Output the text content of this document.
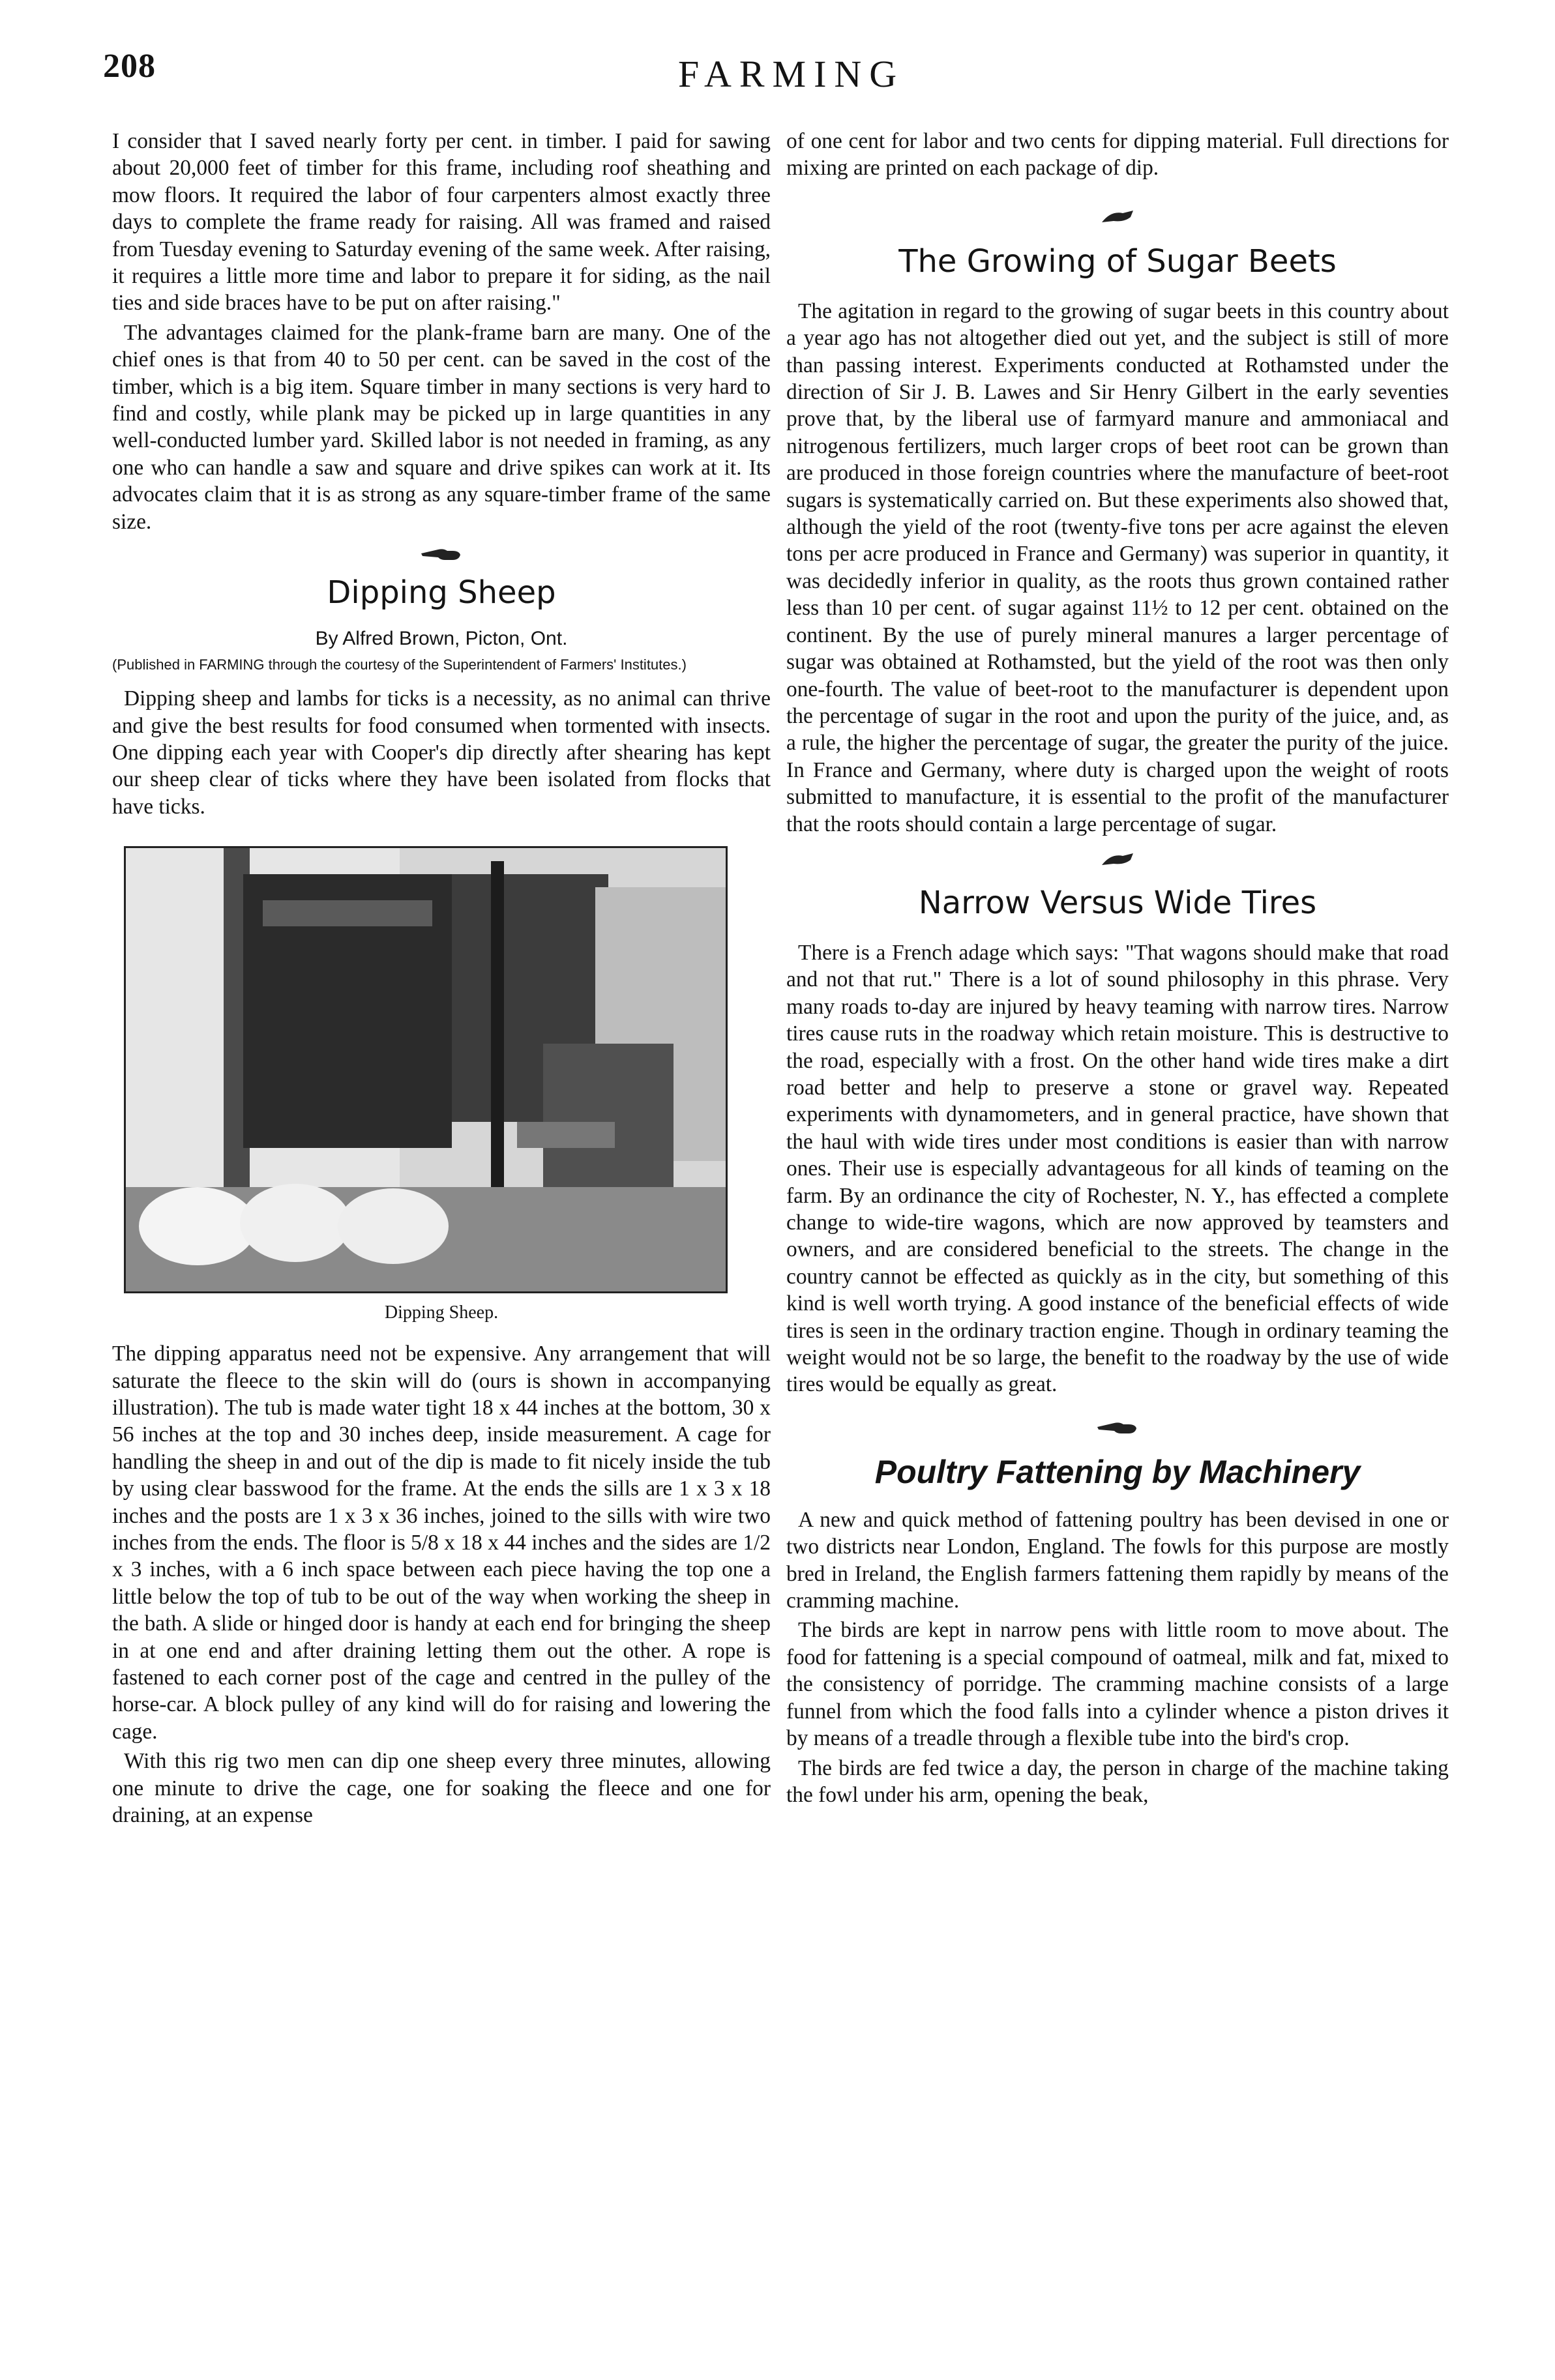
208	FARMING

I consider that I saved nearly forty per cent. in timber. I paid for sawing about 20,000 feet of timber for this frame, including roof sheathing and mow floors. It required the labor of four carpenters almost exactly three days to complete the frame ready for raising. All was framed and raised from Tuesday evening to Saturday evening of the same week. After raising, it requires a little more time and labor to prepare it for siding, as the nail ties and side braces have to be put on after raising."

The advantages claimed for the plank-frame barn are many. One of the chief ones is that from 40 to 50 per cent. can be saved in the cost of the timber, which is a big item. Square timber in many sections is very hard to find and costly, while plank may be picked up in large quantities in any well-conducted lumber yard. Skilled labor is not needed in framing, as any one who can handle a saw and square and drive spikes can work at it. Its advocates claim that it is as strong as any square-timber frame of the same size.

Dipping Sheep

By Alfred Brown, Picton, Ont.

(Published in FARMING through the courtesy of the Superintendent of Farmers' Institutes.)

Dipping sheep and lambs for ticks is a necessity, as no animal can thrive and give the best results for food consumed when tormented with insects. One dipping each year with Cooper's dip directly after shearing has kept our sheep clear of ticks where they have been isolated from flocks that have ticks.

Dipping Sheep.

The dipping apparatus need not be expensive. Any arrangement that will saturate the fleece to the skin will do (ours is shown in accompanying illustration). The tub is made water tight 18 x 44 inches at the bottom, 30 x 56 inches at the top and 30 inches deep, inside measurement. A cage for handling the sheep in and out of the dip is made to fit nicely inside the tub by using clear basswood for the frame. At the ends the sills are 1 x 3 x 18 inches and the posts are 1 x 3 x 36 inches, joined to the sills with wire two inches from the ends. The floor is 5/8 x 18 x 44 inches and the sides are 1/2 x 3 inches, with a 6 inch space between each piece having the top one a little below the top of tub to be out of the way when working the sheep in the bath. A slide or hinged door is handy at each end for bringing the sheep in at one end and after draining letting them out the other. A rope is fastened to each corner post of the cage and centred in the pulley of the horse-car. A block pulley of any kind will do for raising and lowering the cage.

With this rig two men can dip one sheep every three minutes, allowing one minute to drive the cage, one for soaking the fleece and one for draining, at an expense

of one cent for labor and two cents for dipping material. Full directions for mixing are printed on each package of dip.

The Growing of Sugar Beets

The agitation in regard to the growing of sugar beets in this country about a year ago has not altogether died out yet, and the subject is still of more than passing interest. Experiments conducted at Rothamsted under the direction of Sir J. B. Lawes and Sir Henry Gilbert in the early seventies prove that, by the liberal use of farmyard manure and ammoniacal and nitrogenous fertilizers, much larger crops of beet root can be grown than are produced in those foreign countries where the manufacture of beet-root sugars is systematically carried on. But these experiments also showed that, although the yield of the root (twenty-five tons per acre against the eleven tons per acre produced in France and Germany) was superior in quantity, it was decidedly inferior in quality, as the roots thus grown contained rather less than 10 per cent. of sugar against 11½ to 12 per cent. obtained on the continent. By the use of purely mineral manures a larger percentage of sugar was obtained at Rothamsted, but the yield of the root was then only one-fourth. The value of beet-root to the manufacturer is dependent upon the percentage of sugar in the root and upon the purity of the juice, and, as a rule, the higher the percentage of sugar, the greater the purity of the juice. In France and Germany, where duty is charged upon the weight of roots submitted to manufacture, it is essential to the profit of the manufacturer that the roots should contain a large percentage of sugar.

Narrow Versus Wide Tires

There is a French adage which says: "That wagons should make that road and not that rut." There is a lot of sound philosophy in this phrase. Very many roads to-day are injured by heavy teaming with narrow tires. Narrow tires cause ruts in the roadway which retain moisture. This is destructive to the road, especially with a frost. On the other hand wide tires make a dirt road better and help to preserve a stone or gravel way. Repeated experiments with dynamometers, and in general practice, have shown that the haul with wide tires under most conditions is easier than with narrow ones. Their use is especially advantageous for all kinds of teaming on the farm. By an ordinance the city of Rochester, N. Y., has effected a complete change to wide-tire wagons, which are now approved by teamsters and owners, and are considered beneficial to the streets. The change in the country cannot be effected as quickly as in the city, but something of this kind is well worth trying. A good instance of the beneficial effects of wide tires is seen in the ordinary traction engine. Though in ordinary teaming the weight would not be so large, the benefit to the roadway by the use of wide tires would be equally as great.

Poultry Fattening by Machinery

A new and quick method of fattening poultry has been devised in one or two districts near London, England. The fowls for this purpose are mostly bred in Ireland, the English farmers fattening them rapidly by means of the cramming machine.

The birds are kept in narrow pens with little room to move about. The food for fattening is a special compound of oatmeal, milk and fat, mixed to the consistency of porridge. The cramming machine consists of a large funnel from which the food falls into a cylinder whence a piston drives it by means of a treadle through a flexible tube into the bird's crop.

The birds are fed twice a day, the person in charge of the machine taking the fowl under his arm, opening the beak,
